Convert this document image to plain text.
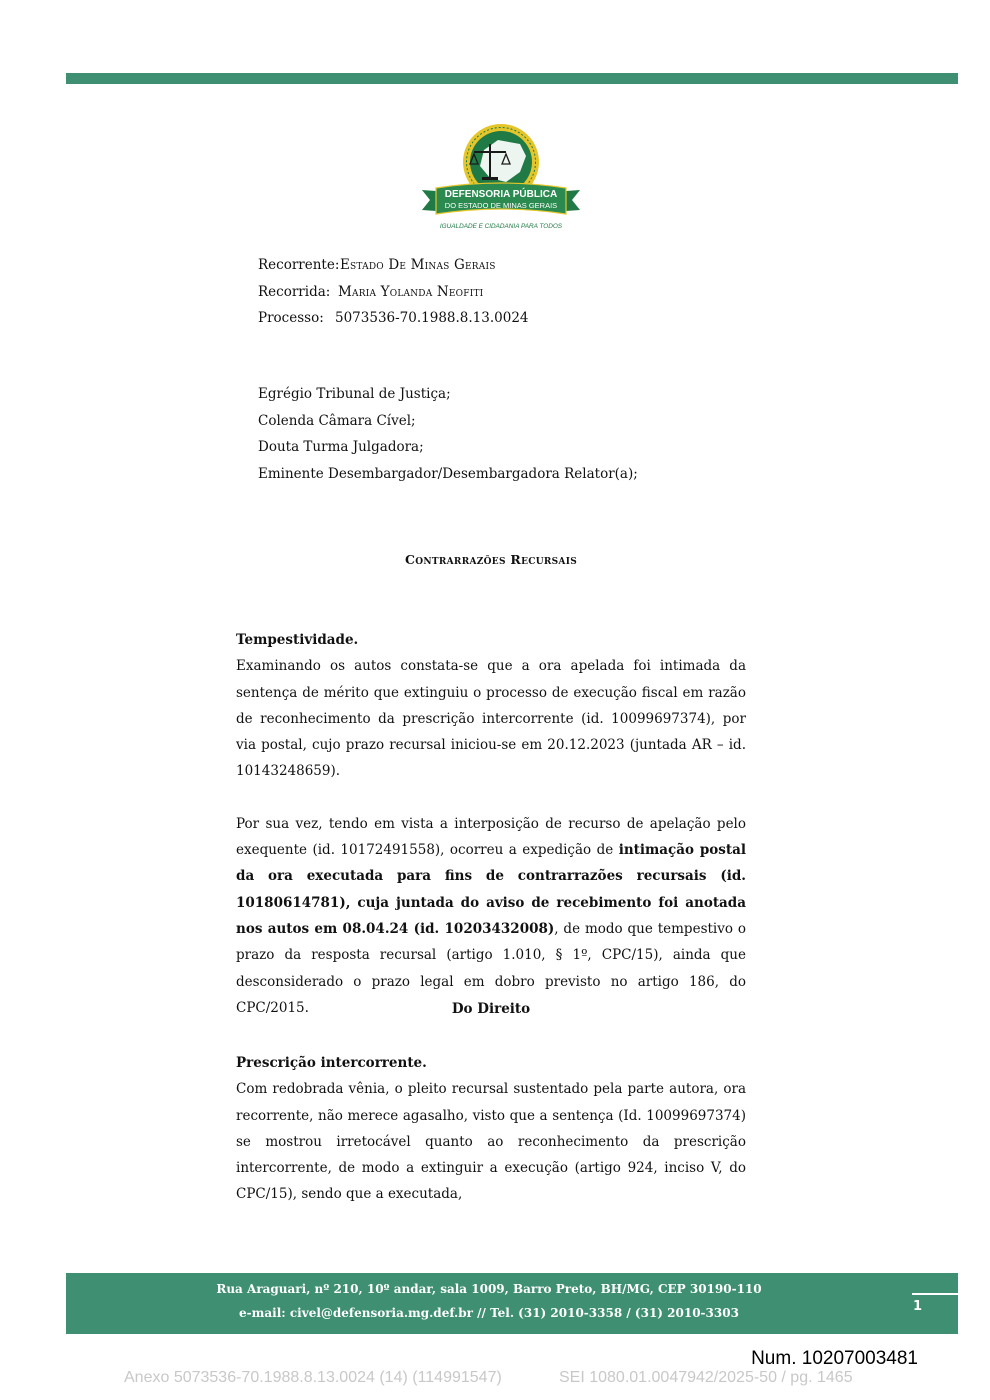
DEFENSORIA PÚBLICA
DO ESTADO DE MINAS GERAIS
IGUALDADE E CIDADANIA PARA TODOS
Recorrente:Estado De Minas Gerais
Recorrida: Maria Yolanda Neofiti
Processo: 5073536-70.1988.8.13.0024
Egrégio Tribunal de Justiça;
Colenda Câmara Cível;
Douta Turma Julgadora;
Eminente Desembargador/Desembargadora Relator(a);
Contrarrazões Recursais

Tempestividade.

Examinando os autos constata-se que a ora apelada foi intimada da sentença de mérito que extinguiu o processo de execução fiscal em razão de reconhecimento da prescrição intercorrente (id. 10099697374), por via postal, cujo prazo recursal iniciou-se em 20.12.2023 (juntada AR – id. 10143248659).

Por sua vez, tendo em vista a interposição de recurso de apelação pelo exequente (id. 10172491558), ocorreu a expedição de intimação postal da ora executada para fins de contrarrazões recursais (id. 10180614781), cuja juntada do aviso de recebimento foi anotada nos autos em 08.04.24 (id. 10203432008), de modo que tempestivo o prazo da resposta recursal (artigo 1.010, § 1º, CPC/15), ainda que desconsiderado o prazo legal em dobro previsto no artigo 186, do CPC/2015.	Do Direito

Prescrição intercorrente.

Com redobrada vênia, o pleito recursal sustentado pela parte autora, ora recorrente, não merece agasalho, visto que a sentença (Id. 10099697374) se mostrou irretocável quanto ao reconhecimento da prescrição intercorrente, de modo a extinguir a execução (artigo 924, inciso V, do CPC/15), sendo que a executada,

Rua Araguari, nº 210, 10º andar, sala 1009, Barro Preto, BH/MG, CEP 30190-110
e-mail: civel@defensoria.mg.def.br // Tel. (31) 2010-3358 / (31) 2010-3303	1
Num. 10207003481
Anexo 5073536-70.1988.8.13.0024 (14) (114991547)	SEI 1080.01.0047942/2025-50 / pg. 1465
